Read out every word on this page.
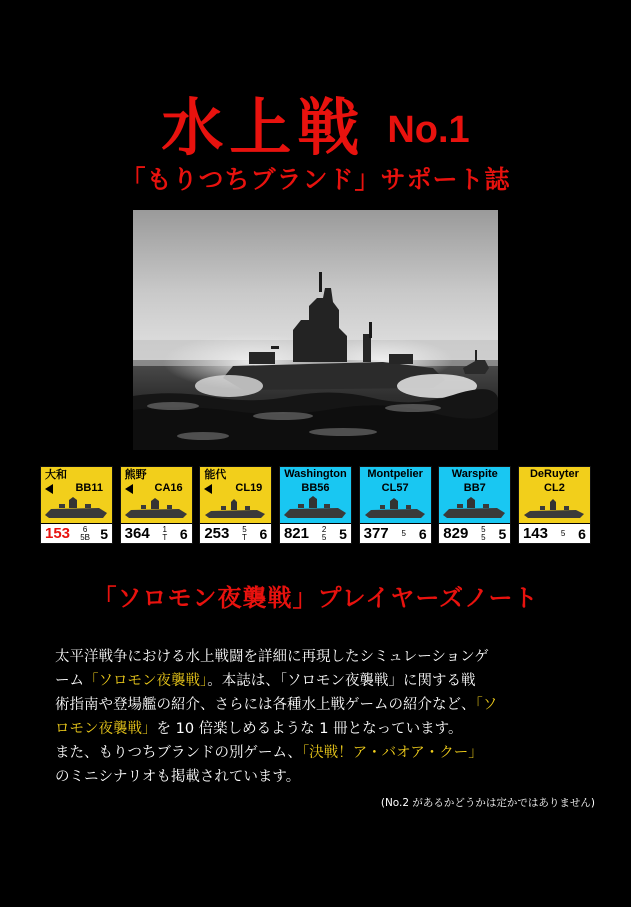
水上戦 No.1
「もりつちブランド」サポート誌
大和
BB11
153	6
5B 5
熊野
CA16
364 1
T 6
能代
CL19
253 5
T 6
Washington
BB56
821 2
5 5
Montpelier
CL57
377 5 6
Warspite
BB7
829 5
5 5
DeRuyter
CL2
143 5 6
「ソロモン夜襲戦」プレイヤーズノート
太平洋戦争における水上戦闘を詳細に再現したシミュレーションゲ
ーム「ソロモン夜襲戦」。本誌は、「ソロモン夜襲戦」に関する戦
術指南や登場艦の紹介、さらには各種水上戦ゲームの紹介など、「ソ
ロモン夜襲戦」を 10 倍楽しめるような 1 冊となっています。
また、もりつちブランドの別ゲーム、「決戦！ア・バオア・クー」
のミニシナリオも掲載されています。
(No.2 があるかどうかは定かではありません)
